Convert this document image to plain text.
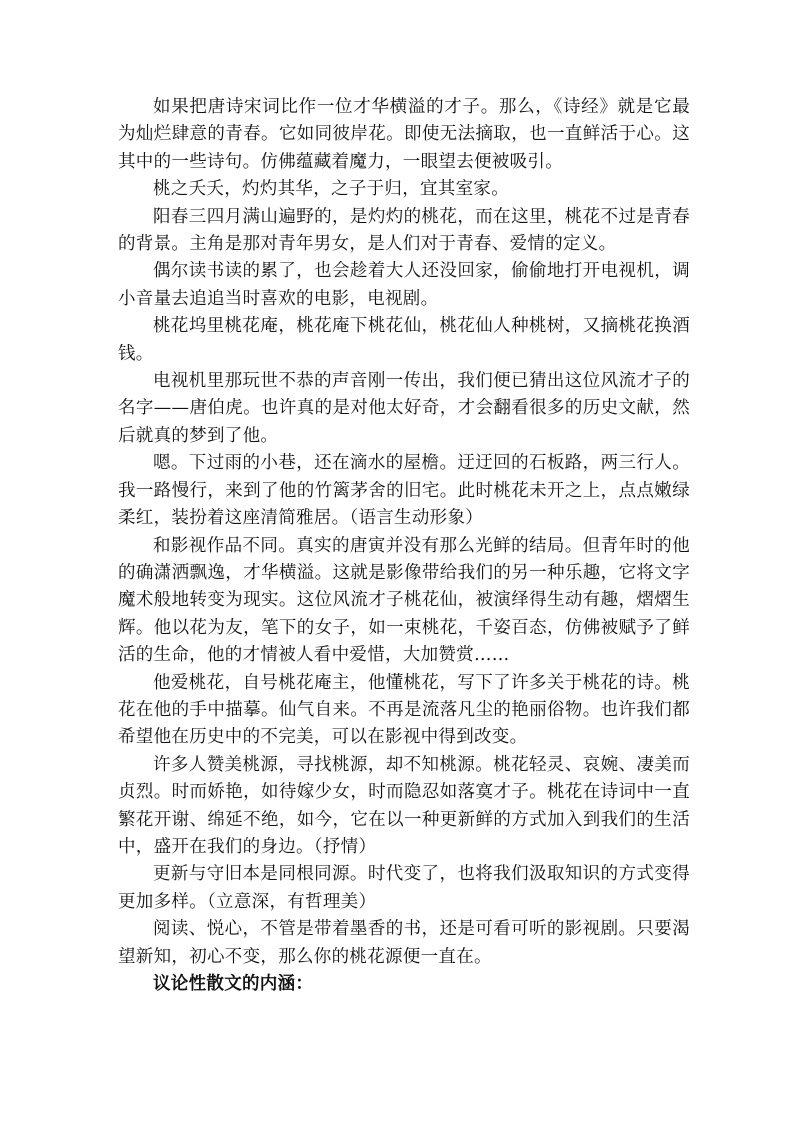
如果把唐诗宋词比作一位才华横溢的才子。那么，《诗经》就是它最为灿烂肆意的青春。它如同彼岸花。即使无法摘取，也一直鲜活于心。这其中的一些诗句。仿佛蕴藏着魔力，一眼望去便被吸引。

桃之夭夭，灼灼其华，之子于归，宜其室家。

阳春三四月满山遍野的，是灼灼的桃花，而在这里，桃花不过是青春的背景。主角是那对青年男女，是人们对于青春、爱情的定义。

偶尔读书读的累了，也会趁着大人还没回家，偷偷地打开电视机，调小音量去追追当时喜欢的电影，电视剧。

桃花坞里桃花庵，桃花庵下桃花仙，桃花仙人种桃树，又摘桃花换酒钱。

电视机里那玩世不恭的声音刚一传出，我们便已猜出这位风流才子的名字——唐伯虎。也许真的是对他太好奇，才会翻看很多的历史文献，然后就真的梦到了他。

嗯。下过雨的小巷，还在滴水的屋檐。迂迂回的石板路，两三行人。我一路慢行，来到了他的竹篱茅舍的旧宅。此时桃花未开之上，点点嫩绿柔红，装扮着这座清简雅居。（语言生动形象）

和影视作品不同。真实的唐寅并没有那么光鲜的结局。但青年时的他的确潇洒飘逸，才华横溢。这就是影像带给我们的另一种乐趣，它将文字魔术般地转变为现实。这位风流才子桃花仙，被演绎得生动有趣，熠熠生辉。他以花为友，笔下的女子，如一束桃花，千姿百态，仿佛被赋予了鲜活的生命，他的才情被人看中爱惜，大加赞赏……

他爱桃花，自号桃花庵主，他懂桃花，写下了许多关于桃花的诗。桃花在他的手中描摹。仙气自来。不再是流落凡尘的艳丽俗物。也许我们都希望他在历史中的不完美，可以在影视中得到改变。

许多人赞美桃源，寻找桃源，却不知桃源。桃花轻灵、哀婉、凄美而贞烈。时而娇艳，如待嫁少女，时而隐忍如落寞才子。桃花在诗词中一直繁花开谢、绵延不绝，如今，它在以一种更新鲜的方式加入到我们的生活中，盛开在我们的身边。（抒情）

更新与守旧本是同根同源。时代变了，也将我们汲取知识的方式变得更加多样。（立意深，有哲理美）

阅读、悦心，不管是带着墨香的书，还是可看可听的影视剧。只要渴望新知，初心不变，那么你的桃花源便一直在。

议论性散文的内涵：
